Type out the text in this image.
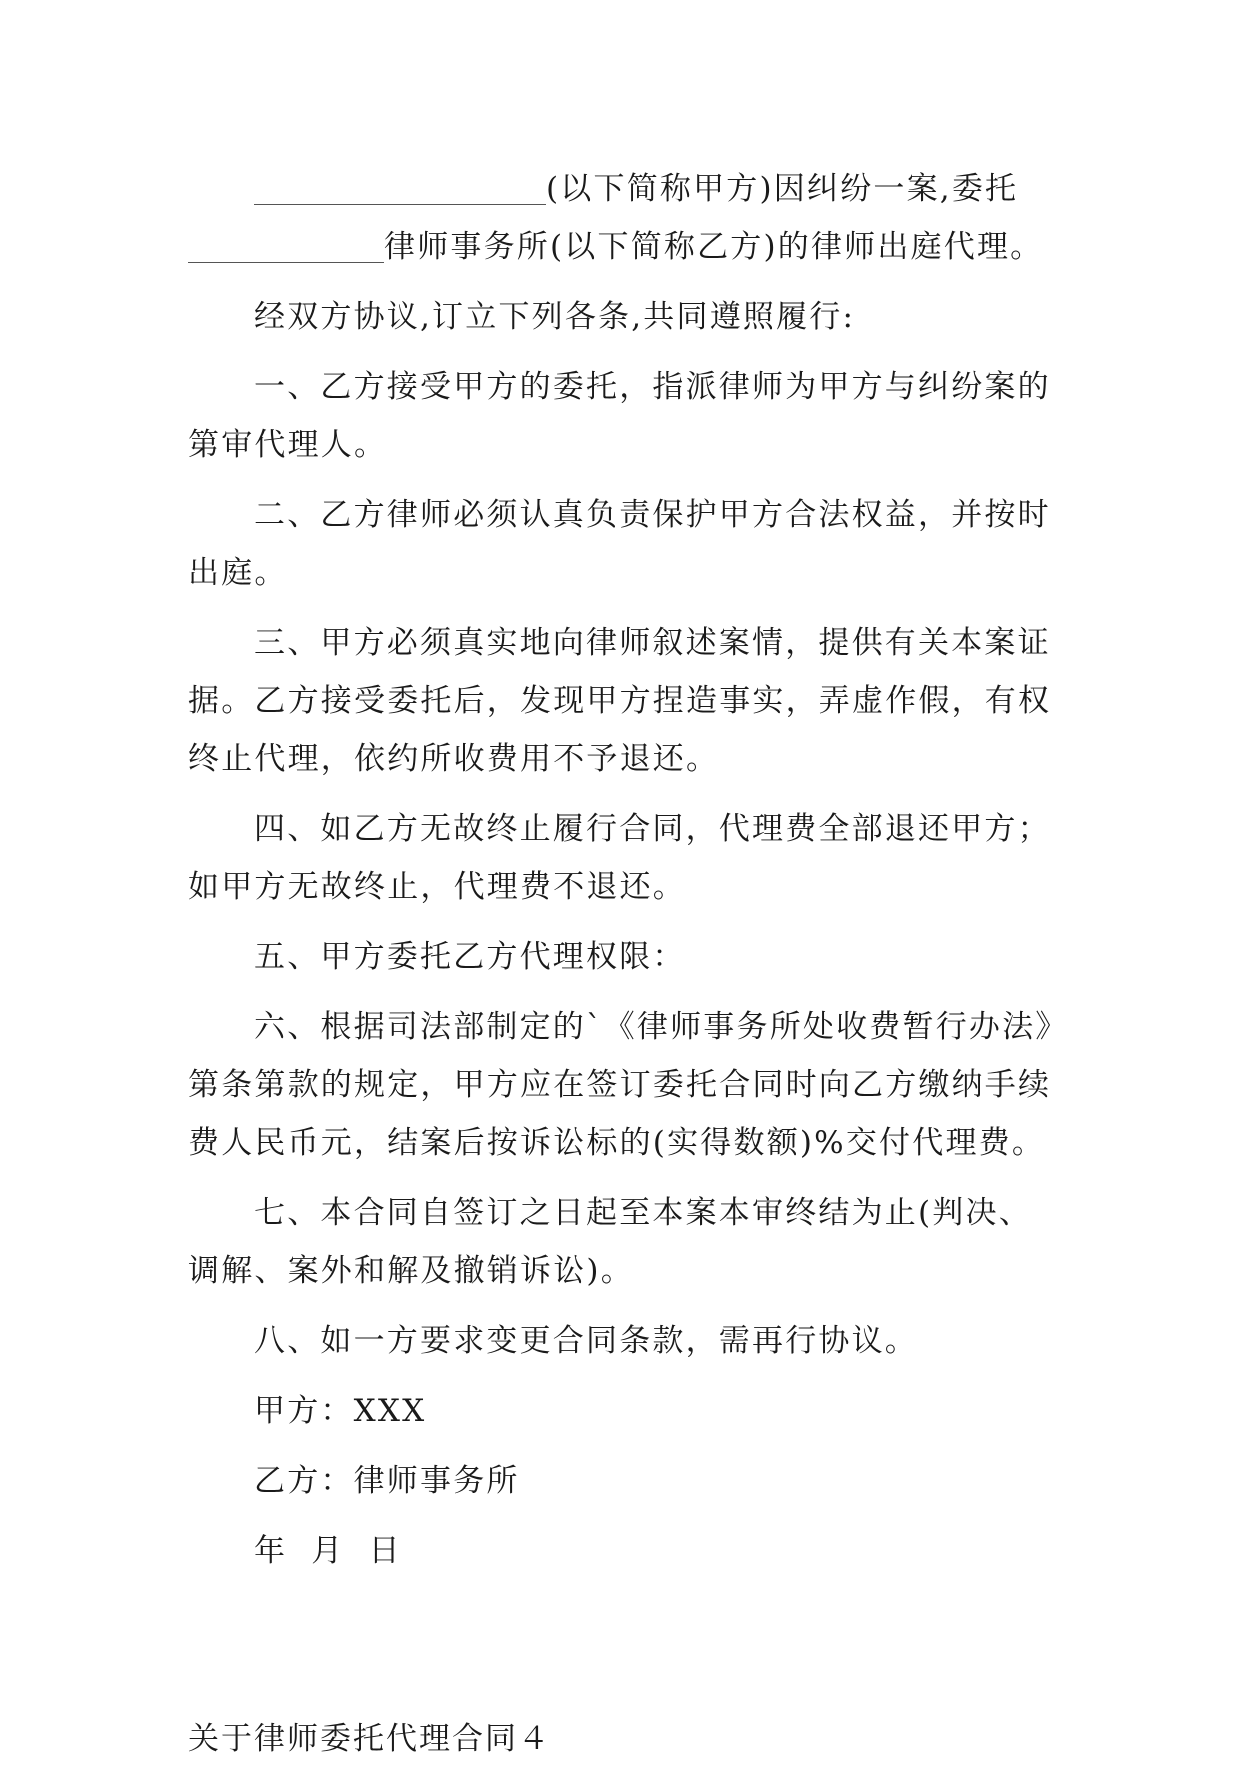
(以下简称甲方)因纠纷一案,委托
律师事务所(以下简称乙方)的律师出庭代理。
经双方协议,订立下列各条,共同遵照履行:
一、乙方接受甲方的委托，指派律师为甲方与纠纷案的
第审代理人。
二、乙方律师必须认真负责保护甲方合法权益，并按时
出庭。
三、甲方必须真实地向律师叙述案情，提供有关本案证
据。乙方接受委托后，发现甲方捏造事实，弄虚作假，有权
终止代理，依约所收费用不予退还。
四、如乙方无故终止履行合同，代理费全部退还甲方；
如甲方无故终止，代理费不退还。
五、甲方委托乙方代理权限：
六、根据司法部制定的`《律师事务所处收费暂行办法》
第条第款的规定，甲方应在签订委托合同时向乙方缴纳手续
费人民币元，结案后按诉讼标的(实得数额)%交付代理费。
七、本合同自签订之日起至本案本审终结为止(判决、
调解、案外和解及撤销诉讼)。
八、如一方要求变更合同条款，需再行协议。
甲方：XXX
乙方：律师事务所
年  月  日
关于律师委托代理合同４
